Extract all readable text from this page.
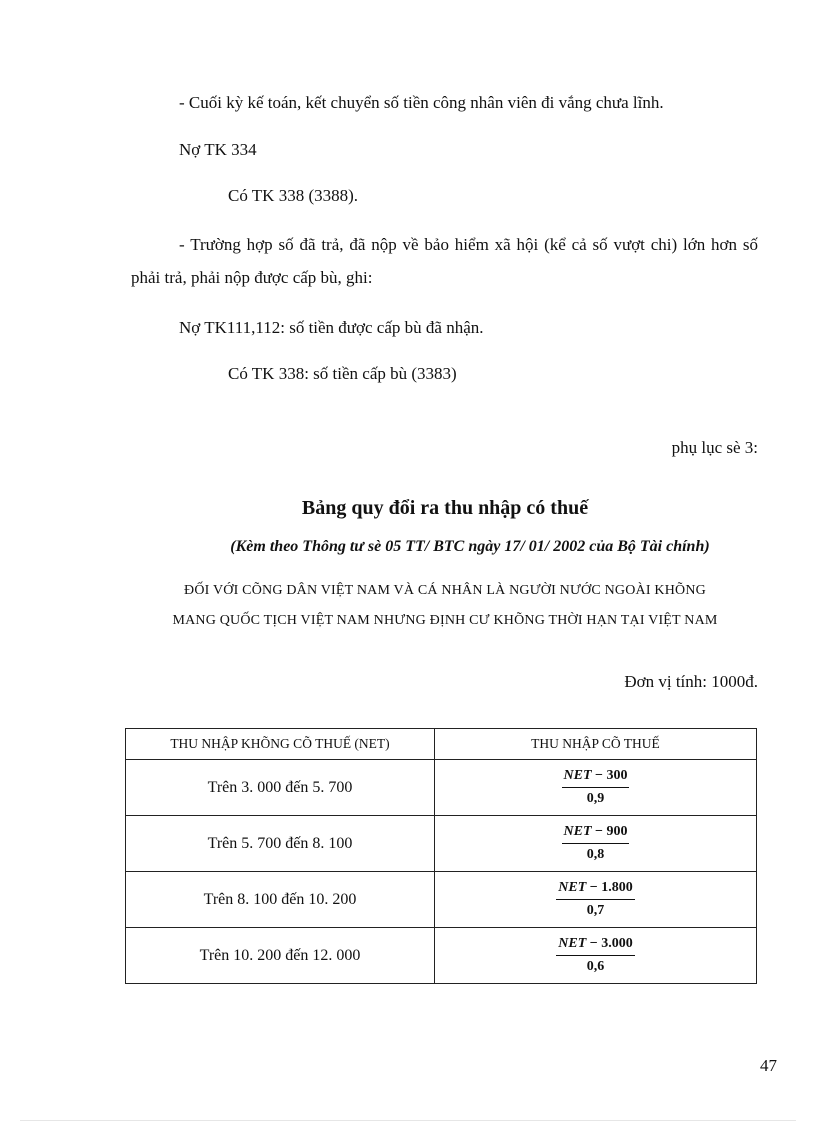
- Cuối kỳ kế toán, kết chuyển số tiền công nhân viên đi vắng chưa lĩnh.
Nợ TK 334
Có TK 338 (3388).
- Trường hợp số đã trả, đã nộp về bảo hiểm xã hội (kể cả số vượt chi) lớn hơn số phải trả, phải nộp được cấp bù, ghi:
Nợ TK111,112: số tiền được cấp bù đã nhận.
Có TK 338: số tiền cấp bù (3383)
phụ lục sè 3:
Bảng quy đổi ra thu nhập có thuế
(Kèm theo Thông tư sè 05 TT/ BTC ngày 17/ 01/ 2002 của Bộ Tài chính)
ĐỐI VỚI CÕNG DÂN VIỆT NAM VÀ CÁ NHÂN LÀ NGƯỜI NƯỚC NGOÀI KHÕNG
MANG QUỐC TỊCH VIỆT NAM NHƯNG ĐỊNH CƯ KHÕNG THỜI HẠN TẠI VIỆT NAM
Đơn vị tính: 1000đ.
THU NHẬP KHÕNG CÕ THUẾ (NET)	THU NHẬP CÕ THUẾ
Trên 3. 000 đến 5. 700	$\frac{\text{NET − 300}}{0,9}$

Trên 5. 700 đến 8. 100	$\frac{\text{NET − 900}}{0,8}$

Trên 8. 100 đến 10. 200	$\frac{\text{NET − 1.800}}{0,7}$

Trên 10. 200 đến 12. 000	$\frac{\text{NET − 3.000}}{0,6}$
47
